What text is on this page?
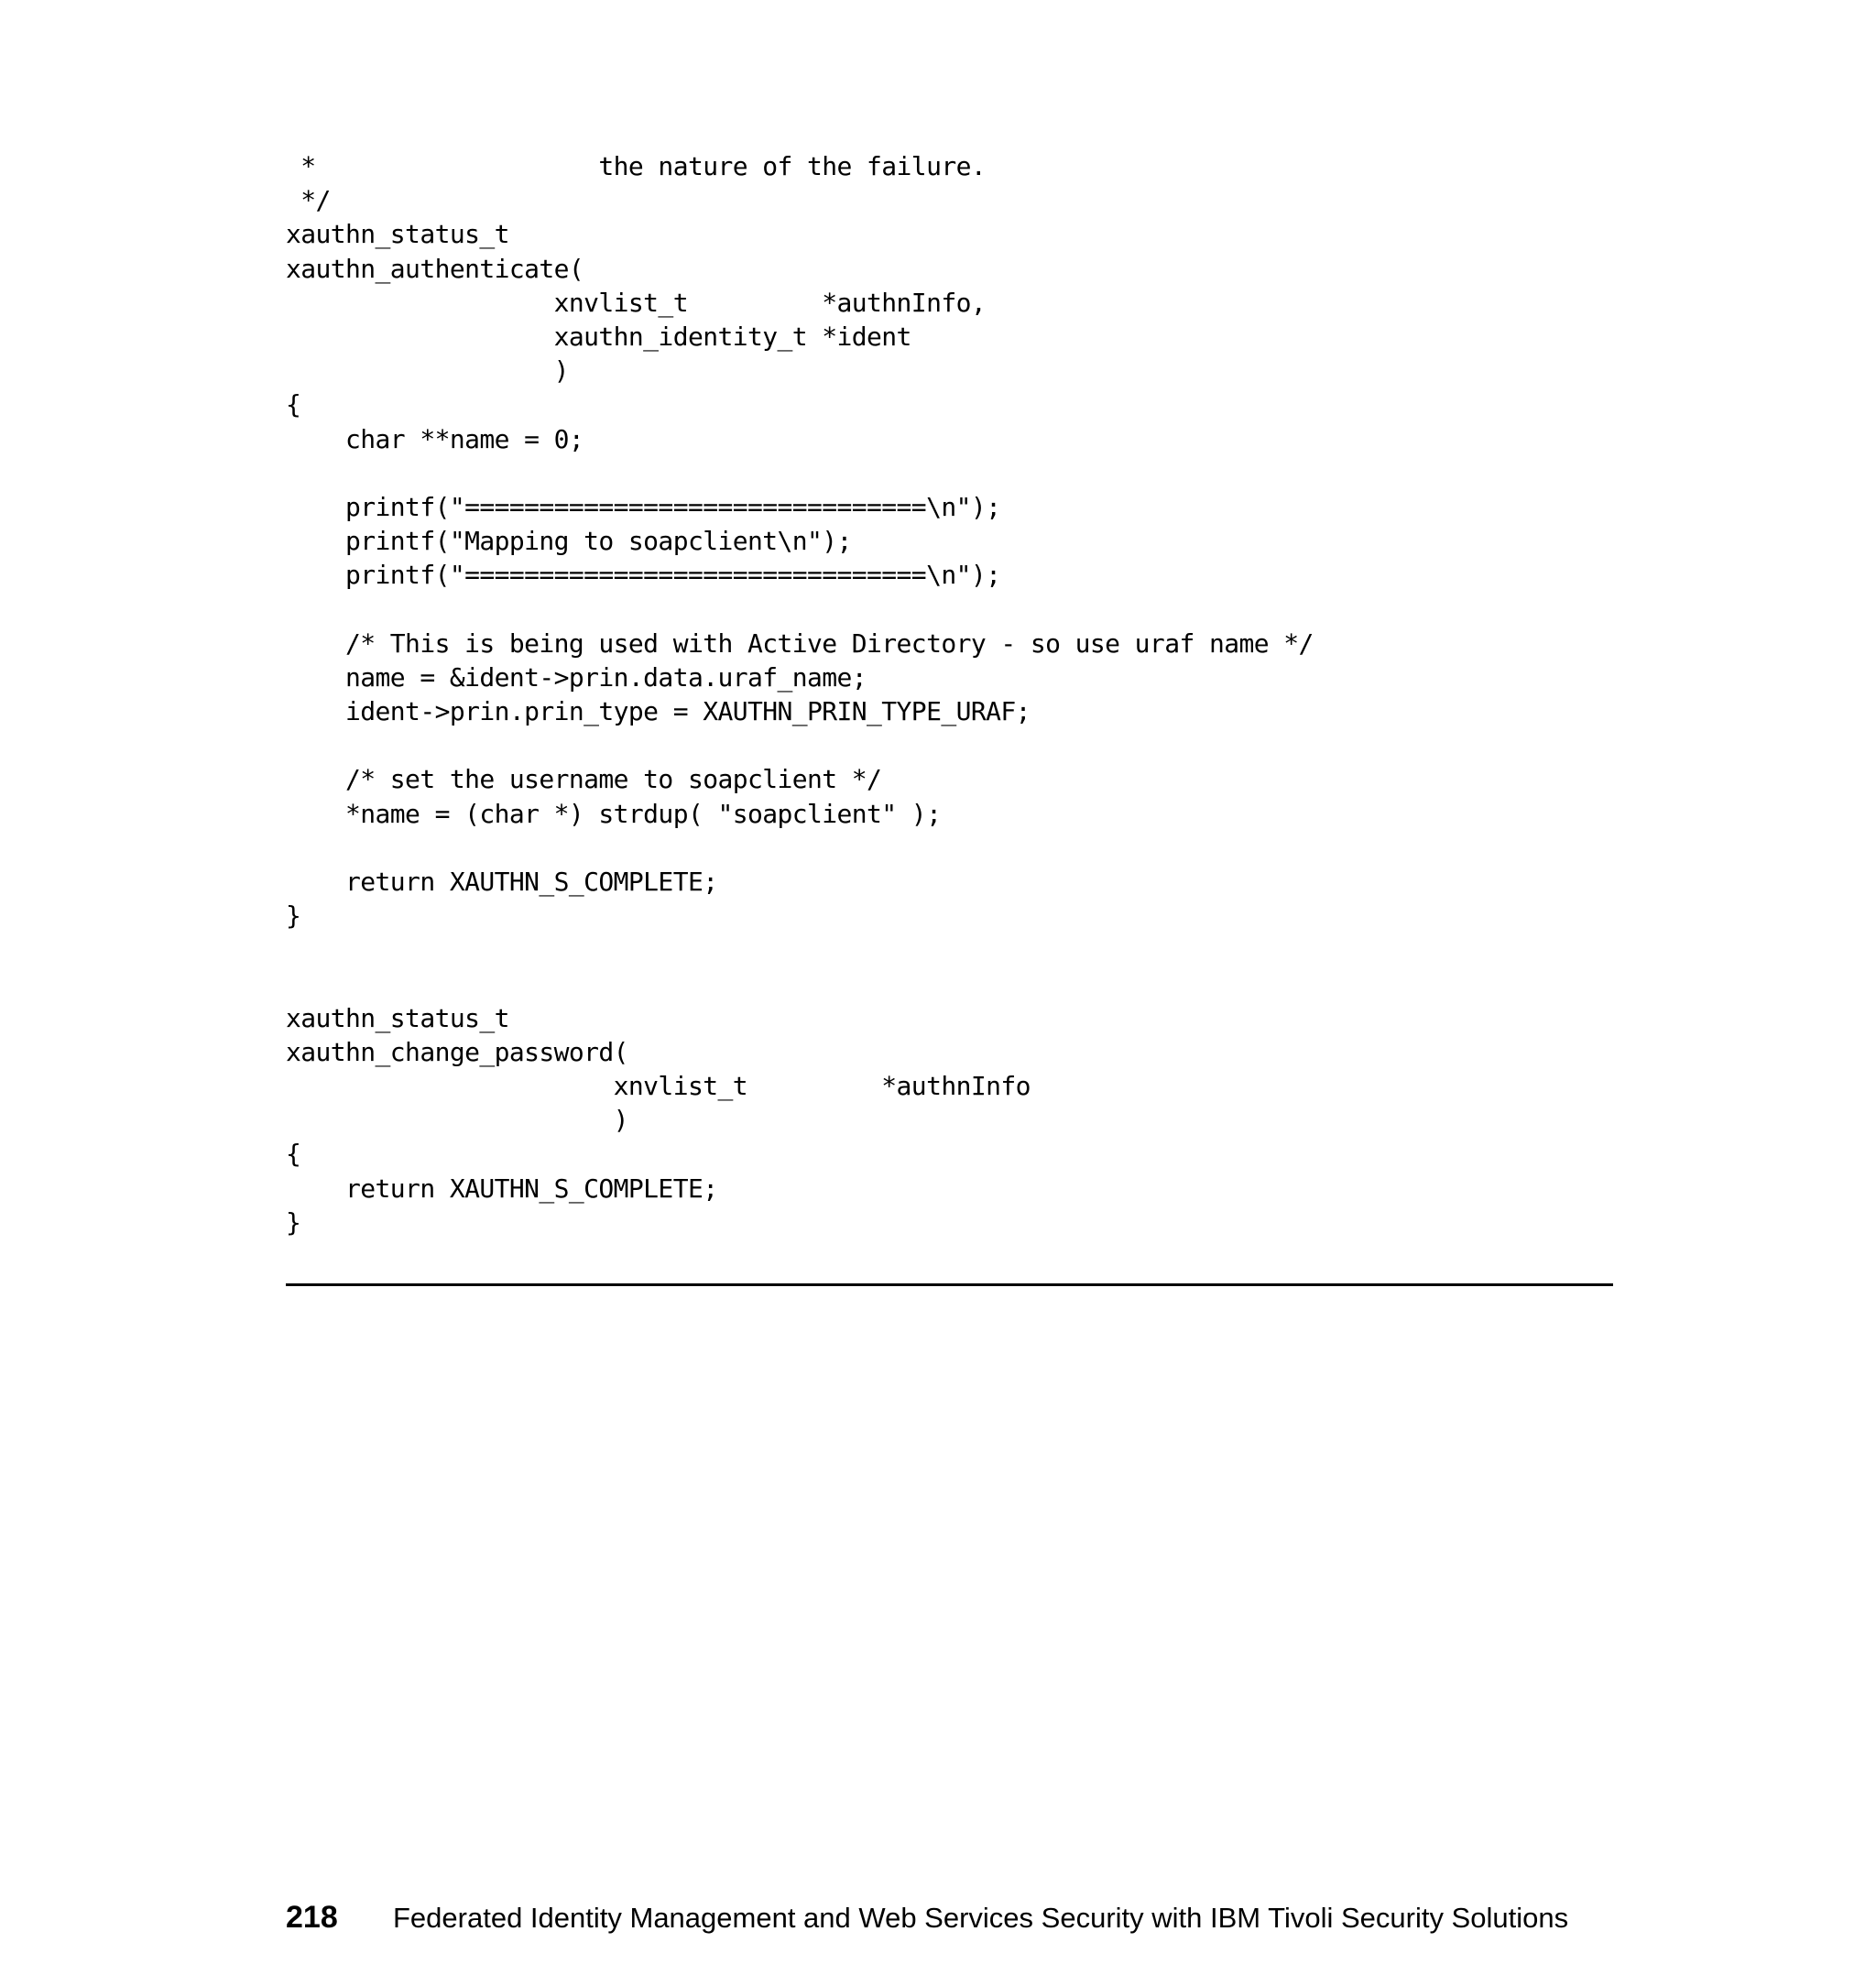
*                   the nature of the failure.
*/
xauthn_status_t
xauthn_authenticate(
xnvlist_t         *authnInfo,
xauthn_identity_t *ident
)
{
char **name = 0;
printf("===============================\n");
printf("Mapping to soapclient\n");
printf("===============================\n");
/* This is being used with Active Directory - so use uraf name */
name = &ident->prin.data.uraf_name;
ident->prin.prin_type = XAUTHN_PRIN_TYPE_URAF;
/* set the username to soapclient */
*name = (char *) strdup( "soapclient" );
return XAUTHN_S_COMPLETE;
}
xauthn_status_t
xauthn_change_password(
xnvlist_t         *authnInfo
)
{
return XAUTHN_S_COMPLETE;
}
218	Federated Identity Management and Web Services Security with IBM Tivoli Security Solutions
